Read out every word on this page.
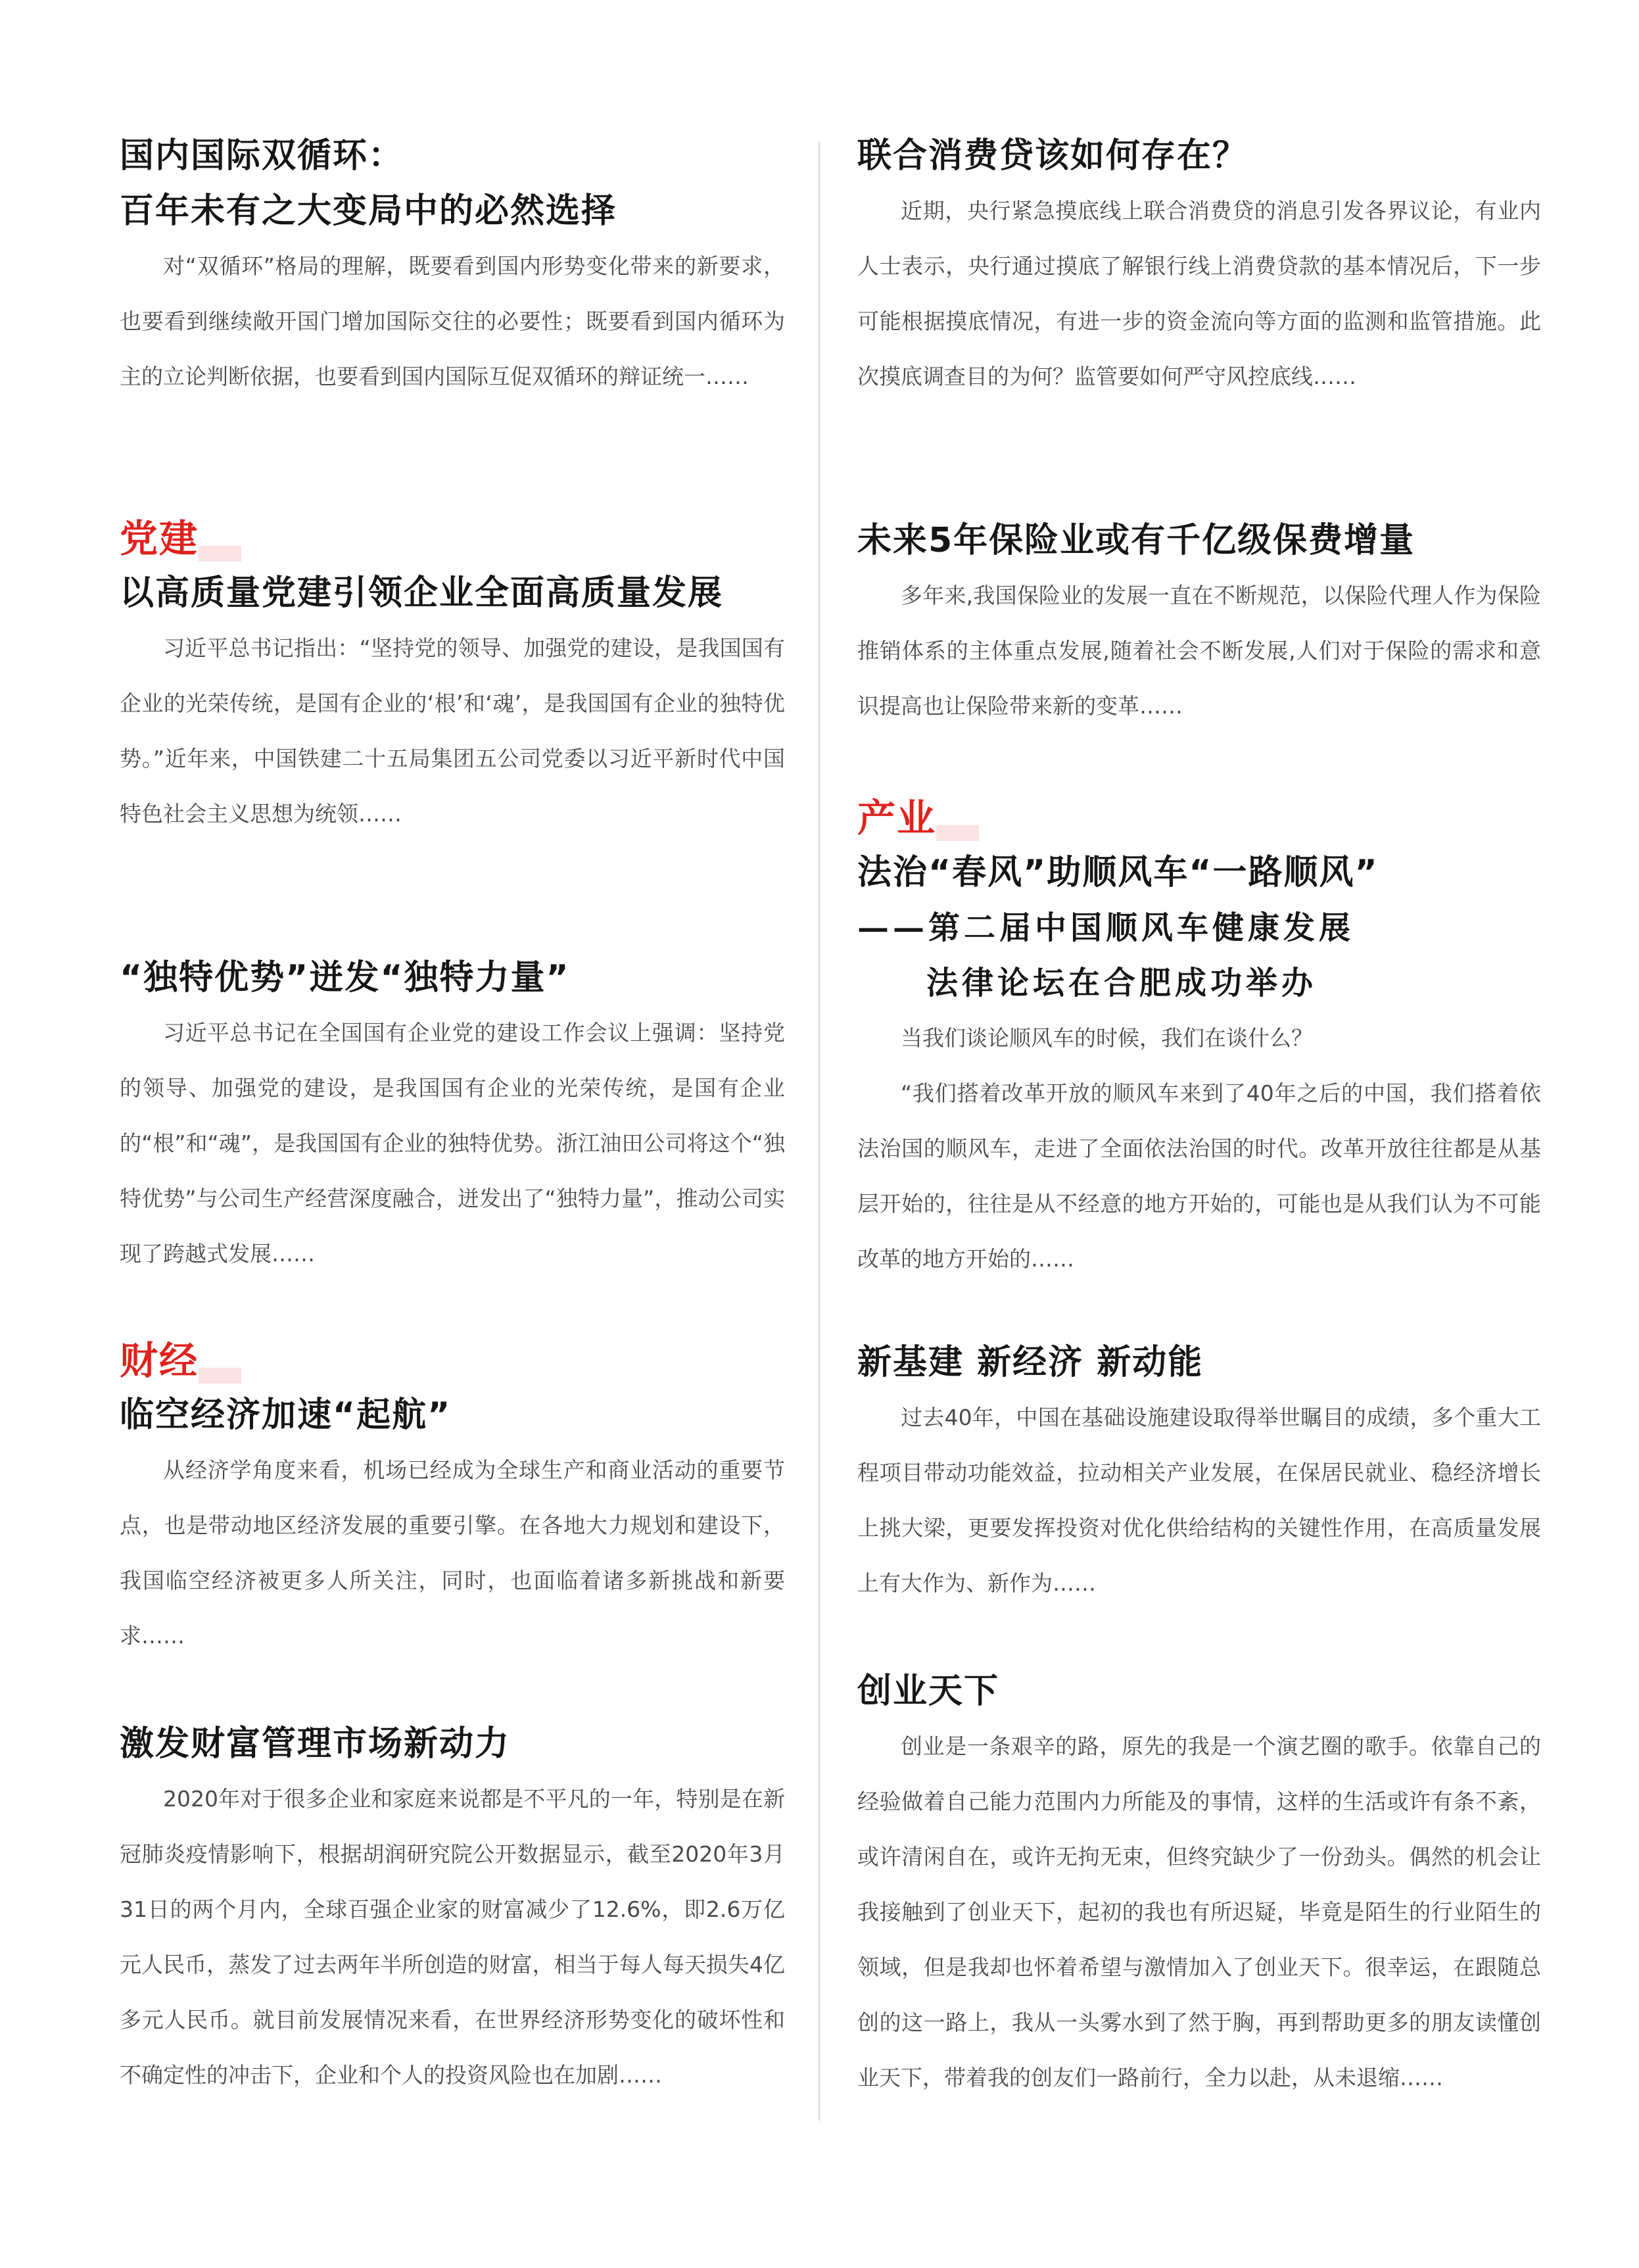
国内国际双循环：
百年未有之大变局中的必然选择

对“双循环”格局的理解，既要看到国内形势变化带来的新要求，也要看到继续敞开国门增加国际交往的必要性；既要看到国内循环为主的立论判断依据，也要看到国内国际互促双循环的辩证统一……

党建
以高质量党建引领企业全面高质量发展

习近平总书记指出：“坚持党的领导、加强党的建设，是我国国有企业的光荣传统，是国有企业的‘根’和‘魂’，是我国国有企业的独特优势。”近年来，中国铁建二十五局集团五公司党委以习近平新时代中国特色社会主义思想为统领……

“独特优势”迸发“独特力量”

习近平总书记在全国国有企业党的建设工作会议上强调：坚持党的领导、加强党的建设，是我国国有企业的光荣传统，是国有企业的“根”和“魂”，是我国国有企业的独特优势。浙江油田公司将这个“独特优势”与公司生产经营深度融合，迸发出了“独特力量”，推动公司实现了跨越式发展……

财经
临空经济加速“起航”

从经济学角度来看，机场已经成为全球生产和商业活动的重要节点，也是带动地区经济发展的重要引擎。在各地大力规划和建设下，我国临空经济被更多人所关注，同时，也面临着诸多新挑战和新要求……

激发财富管理市场新动力

2020年对于很多企业和家庭来说都是不平凡的一年，特别是在新冠肺炎疫情影响下，根据胡润研究院公开数据显示，截至2020年3月31日的两个月内，全球百强企业家的财富减少了12.6%，即2.6万亿元人民币，蒸发了过去两年半所创造的财富，相当于每人每天损失4亿多元人民币。就目前发展情况来看，在世界经济形势变化的破坏性和不确定性的冲击下，企业和个人的投资风险也在加剧……

联合消费贷该如何存在？

近期，央行紧急摸底线上联合消费贷的消息引发各界议论，有业内人士表示，央行通过摸底了解银行线上消费贷款的基本情况后，下一步可能根据摸底情况，有进一步的资金流向等方面的监测和监管措施。此次摸底调查目的为何？监管要如何严守风控底线……

未来5年保险业或有千亿级保费增量

多年来,我国保险业的发展一直在不断规范，以保险代理人作为保险推销体系的主体重点发展,随着社会不断发展,人们对于保险的需求和意识提高也让保险带来新的变革……

产业
法治“春风”助顺风车“一路顺风”
——第二届中国顺风车健康发展
法律论坛在合肥成功举办

当我们谈论顺风车的时候，我们在谈什么？

“我们搭着改革开放的顺风车来到了40年之后的中国，我们搭着依法治国的顺风车，走进了全面依法治国的时代。改革开放往往都是从基层开始的，往往是从不经意的地方开始的，可能也是从我们认为不可能改革的地方开始的……

新基建 新经济 新动能

过去40年，中国在基础设施建设取得举世瞩目的成绩，多个重大工程项目带动功能效益，拉动相关产业发展，在保居民就业、稳经济增长上挑大梁，更要发挥投资对优化供给结构的关键性作用，在高质量发展上有大作为、新作为……

创业天下

创业是一条艰辛的路，原先的我是一个演艺圈的歌手。依靠自己的经验做着自己能力范围内力所能及的事情，这样的生活或许有条不紊，或许清闲自在，或许无拘无束，但终究缺少了一份劲头。偶然的机会让我接触到了创业天下，起初的我也有所迟疑，毕竟是陌生的行业陌生的领域，但是我却也怀着希望与激情加入了创业天下。很幸运，在跟随总创的这一路上，我从一头雾水到了然于胸，再到帮助更多的朋友读懂创业天下，带着我的创友们一路前行，全力以赴，从未退缩……
